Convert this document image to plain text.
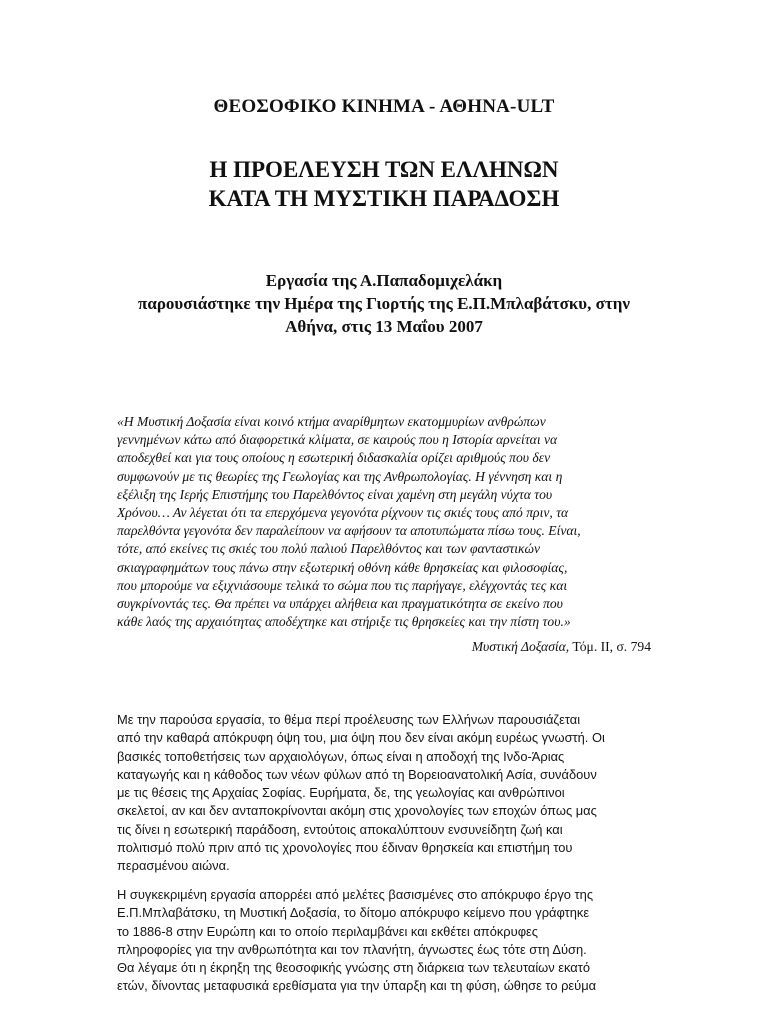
ΘΕΟΣΟΦΙΚΟ ΚΙΝΗΜΑ - ΑΘΗΝΑ-ULT
Η ΠΡΟΕΛΕΥΣΗ ΤΩΝ ΕΛΛΗΝΩΝ
ΚΑΤΑ ΤΗ ΜΥΣΤΙΚΗ ΠΑΡΑΔΟΣΗ
Εργασία της Α.Παπαδομιχελάκη
παρουσιάστηκε την Ημέρα της Γιορτής της Ε.Π.Μπλαβάτσκυ, στην
Αθήνα, στις 13 Μαΐου 2007
«Η Μυστική Δοξασία είναι κοινό κτήμα αναρίθμητων εκατομμυρίων ανθρώπων
γεννημένων κάτω από διαφορετικά κλίματα, σε καιρούς που η Ιστορία αρνείται να
αποδεχθεί και για τους οποίους η εσωτερική διδασκαλία ορίζει αριθμούς που δεν
συμφωνούν με τις θεωρίες της Γεωλογίας και της Ανθρωπολογίας. Η γέννηση και η
εξέλιξη της Ιερής Επιστήμης του Παρελθόντος είναι χαμένη στη μεγάλη νύχτα του
Χρόνου… Αν λέγεται ότι τα επερχόμενα γεγονότα ρίχνουν τις σκιές τους από πριν, τα
παρελθόντα γεγονότα δεν παραλείπουν να αφήσουν τα αποτυπώματα πίσω τους. Είναι,
τότε, από εκείνες τις σκιές του πολύ παλιού Παρελθόντος και των φανταστικών
σκιαγραφημάτων τους πάνω στην εξωτερική οθόνη κάθε θρησκείας και φιλοσοφίας,
που μπορούμε να εξιχνιάσουμε τελικά το σώμα που τις παρήγαγε, ελέγχοντάς τες και
συγκρίνοντάς τες. Θα πρέπει να υπάρχει αλήθεια και πραγματικότητα σε εκείνο που
κάθε λαός της αρχαιότητας αποδέχτηκε και στήριξε τις θρησκείες και την πίστη του.»
Μυστική Δοξασία, Τόμ. ΙΙ, σ. 794
Με την παρούσα εργασία, το θέμα περί προέλευσης των Ελλήνων παρουσιάζεται
από την καθαρά απόκρυφη όψη του, μια όψη που δεν είναι ακόμη ευρέως γνωστή. Οι
βασικές τοποθετήσεις των αρχαιολόγων, όπως είναι η αποδοχή της Ινδο-Άριας
καταγωγής και η κάθοδος των νέων φύλων από τη Βορειοανατολική Ασία, συνάδουν
με τις θέσεις της Αρχαίας Σοφίας. Ευρήματα, δε, της γεωλογίας και ανθρώπινοι
σκελετοί, αν και δεν ανταποκρίνονται ακόμη στις χρονολογίες των εποχών όπως μας
τις δίνει η εσωτερική παράδοση, εντούτοις αποκαλύπτουν ενσυνείδητη ζωή και
πολιτισμό πολύ πριν από τις χρονολογίες που έδιναν θρησκεία και επιστήμη του
περασμένου αιώνα.
Η συγκεκριμένη εργασία απορρέει από μελέτες βασισμένες στο απόκρυφο έργο της
Ε.Π.Μπλαβάτσκυ, τη Μυστική Δοξασία, το δίτομο απόκρυφο κείμενο που γράφτηκε
το 1886-8 στην Ευρώπη και το οποίο περιλαμβάνει και εκθέτει απόκρυφες
πληροφορίες για την ανθρωπότητα και τον πλανήτη, άγνωστες έως τότε στη Δύση.
Θα λέγαμε ότι η έκρηξη της θεοσοφικής γνώσης στη διάρκεια των τελευταίων εκατό
ετών, δίνοντας μεταφυσικά ερεθίσματα για την ύπαρξη και τη φύση, ώθησε το ρεύμα
